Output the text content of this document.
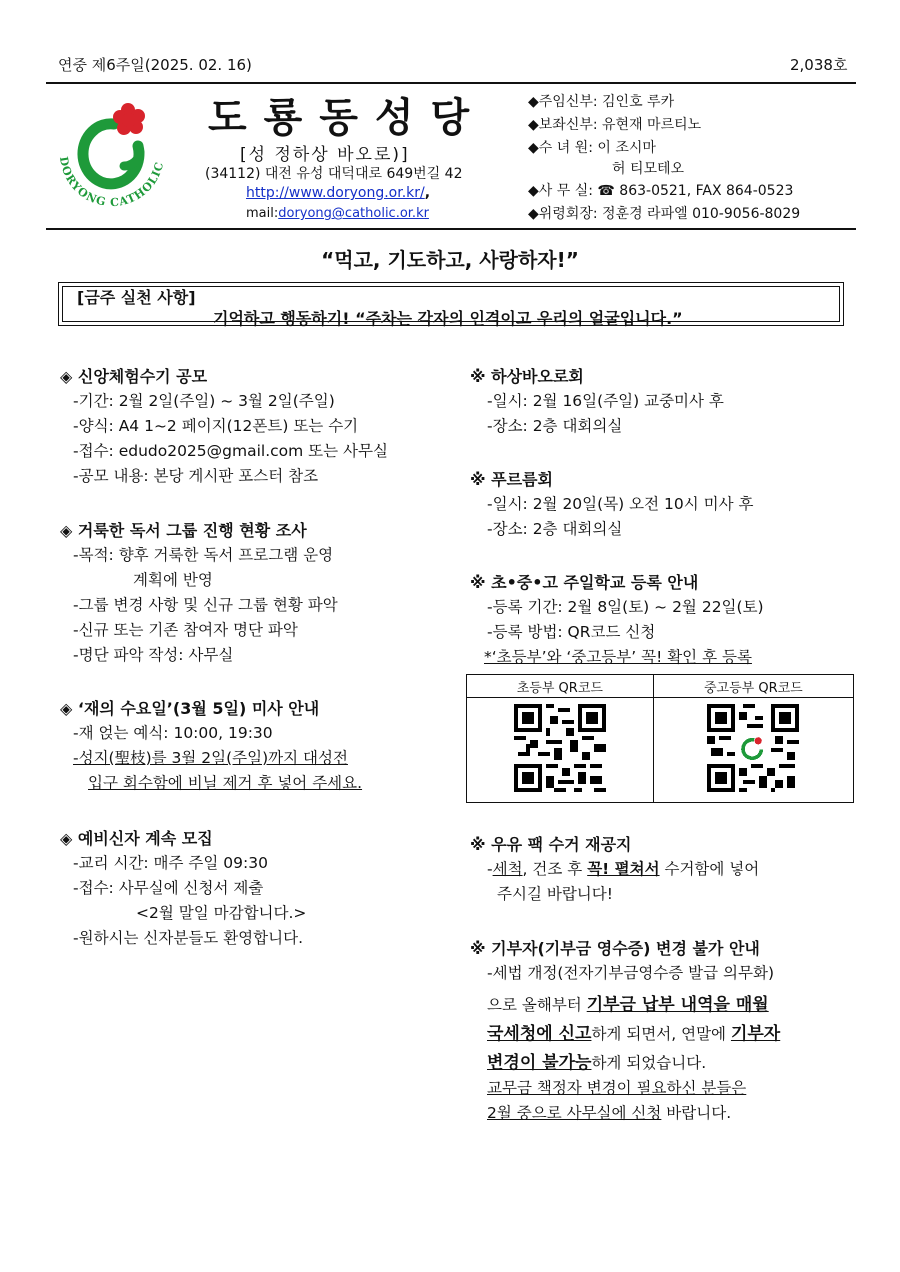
연중 제6주일(2025. 02. 16)	2,038호
DORYONG CATHOLIC
도룡동성당
[성 정하상 바오로)]
(34112) 대전 유성 대덕대로 649번길 42
http://www.doryong.or.kr/,
mail:doryong@catholic.or.kr
◆주임신부: 김인호 루카
◆보좌신부: 유현재 마르티노
◆수 녀 원: 이 조시마
허 티모테오
◆사 무 실: ☎ 863-0521, FAX 864-0523
◆위령회장: 정훈경 라파엘 010-9056-8029
“먹고, 기도하고, 사랑하자!”
[금주 실천 사항]
기억하고 행동하기! “주차는 각자의 인격이고 우리의 얼굴입니다.”
◈ 신앙체험수기 공모
-기간: 2월 2일(주일) ~ 3월 2일(주일)
-양식: A4 1~2 페이지(12폰트) 또는 수기
-접수: edudo2025@gmail.com 또는 사무실
-공모 내용: 본당 게시판 포스터 참조
◈ 거룩한 독서 그룹 진행 현황 조사
-목적: 향후 거룩한 독서 프로그램 운영
계획에 반영
-그룹 변경 사항 및 신규 그룹 현황 파악
-신규 또는 기존 참여자 명단 파악
-명단 파악 작성: 사무실
◈ ‘재의 수요일’(3월 5일) 미사 안내
-재 얹는 예식: 10:00, 19:30
-성지(聖枝)를 3월 2일(주일)까지 대성전
입구 회수함에 비닐 제거 후 넣어 주세요.
◈ 예비신자 계속 모집
-교리 시간: 매주 주일 09:30
-접수: 사무실에 신청서 제출
<2월 말일 마감합니다.>
-원하시는 신자분들도 환영합니다.
※ 하상바오로회
-일시: 2월 16일(주일) 교중미사 후
-장소: 2층 대회의실
※ 푸르름회
-일시: 2월 20일(목) 오전 10시 미사 후
-장소: 2층 대회의실
※ 초•중•고 주일학교 등록 안내
-등록 기간: 2월 8일(토) ~ 2월 22일(토)
-등록 방법: QR코드 신청
*‘초등부’와 ‘중고등부’ 꼭! 확인 후 등록
초등부 QR코드	중고등부 QR코드

※ 우유 팩 수거 재공지
-세척, 건조 후 꼭! 펼쳐서 수거함에 넣어
주시길 바랍니다!
※ 기부자(기부금 영수증) 변경 불가 안내
-세법 개정(전자기부금영수증 발급 의무화)
으로 올해부터 기부금 납부 내역을 매월
국세청에 신고하게 되면서, 연말에 기부자
변경이 불가능하게 되었습니다.
교무금 책정자 변경이 필요하신 분들은
2월 중으로 사무실에 신청 바랍니다.
